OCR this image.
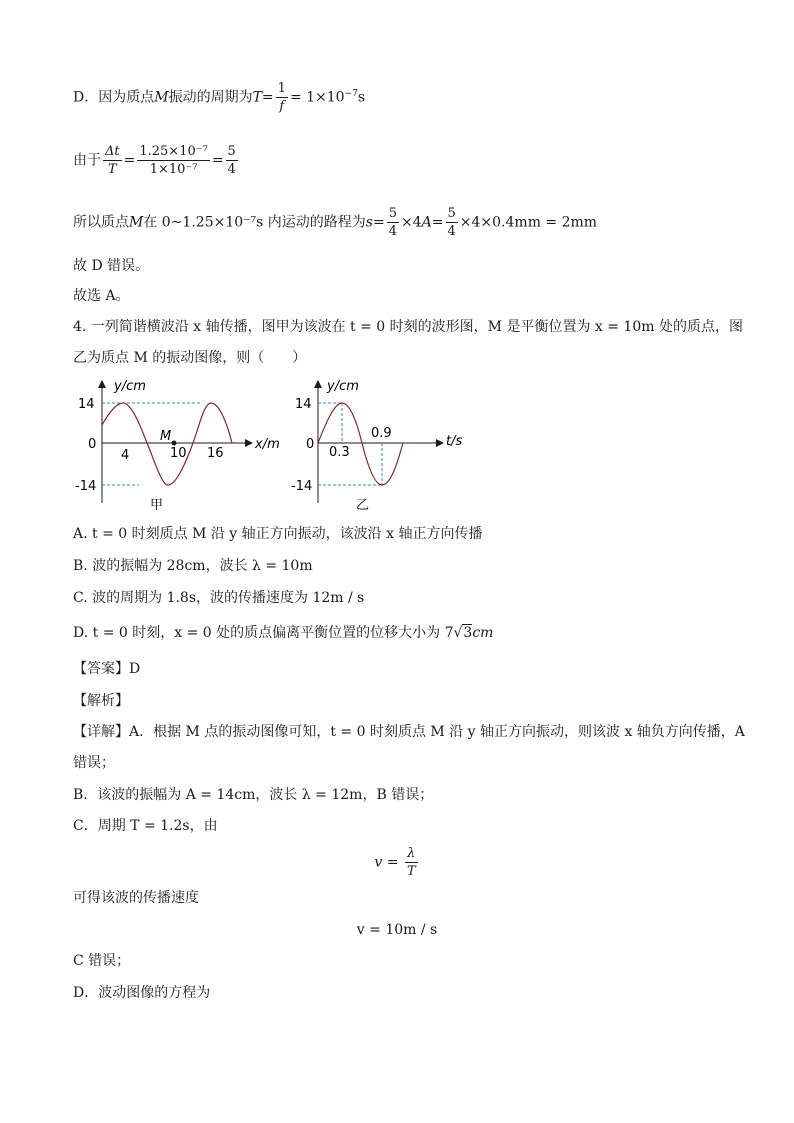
D．因为质点M振动的周期为$T= \frac{1}{f} = 1\times 10^{-7}s$
由于 $\frac{\Delta t}{T} = \frac{\text{1.25×10⁻⁷}}{\text{1×10⁻⁷}} = \frac{5}{4}$
所以质点M在 0~1.25×10⁻⁷s 内运动的路程为$s= \frac{5}{4} \times 4A= \frac{5}{4} \times 4\times 0.4mm = 2mm$
故 D 错误。
故选 A。
4. 一列简谐横波沿 x 轴传播，图甲为该波在 t = 0 时刻的波形图，M 是平衡位置为 x = 10m 处的质点，图
乙为质点 M 的振动图像，则（　　）
y/cm
x/m
14
0
-14
4	10 16
M
甲
y/cm
t/s
14
0
-14
0.3
0.9
乙
A. t = 0 时刻质点 M 沿 y 轴正方向振动，该波沿 x 轴正方向传播
B. 波的振幅为 28cm，波长 λ = 10m
C. 波的周期为 1.8s，波的传播速度为 12m / s
D. t = 0 时刻，x = 0 处的质点偏离平衡位置的位移大小为 7√3cm
【答案】D
【解析】
【详解】A．根据 M 点的振动图像可知，t = 0 时刻质点 M 沿 y 轴正方向振动，则该波 x 轴负方向传播，A
错误；
B．该波的振幅为 A = 14cm，波长 λ = 12m，B 错误；
C．周期 T = 1.2s，由
$v = \frac{\lambda}{T}$
可得该波的传播速度
v = 10m / s
C 错误；
D．波动图像的方程为
